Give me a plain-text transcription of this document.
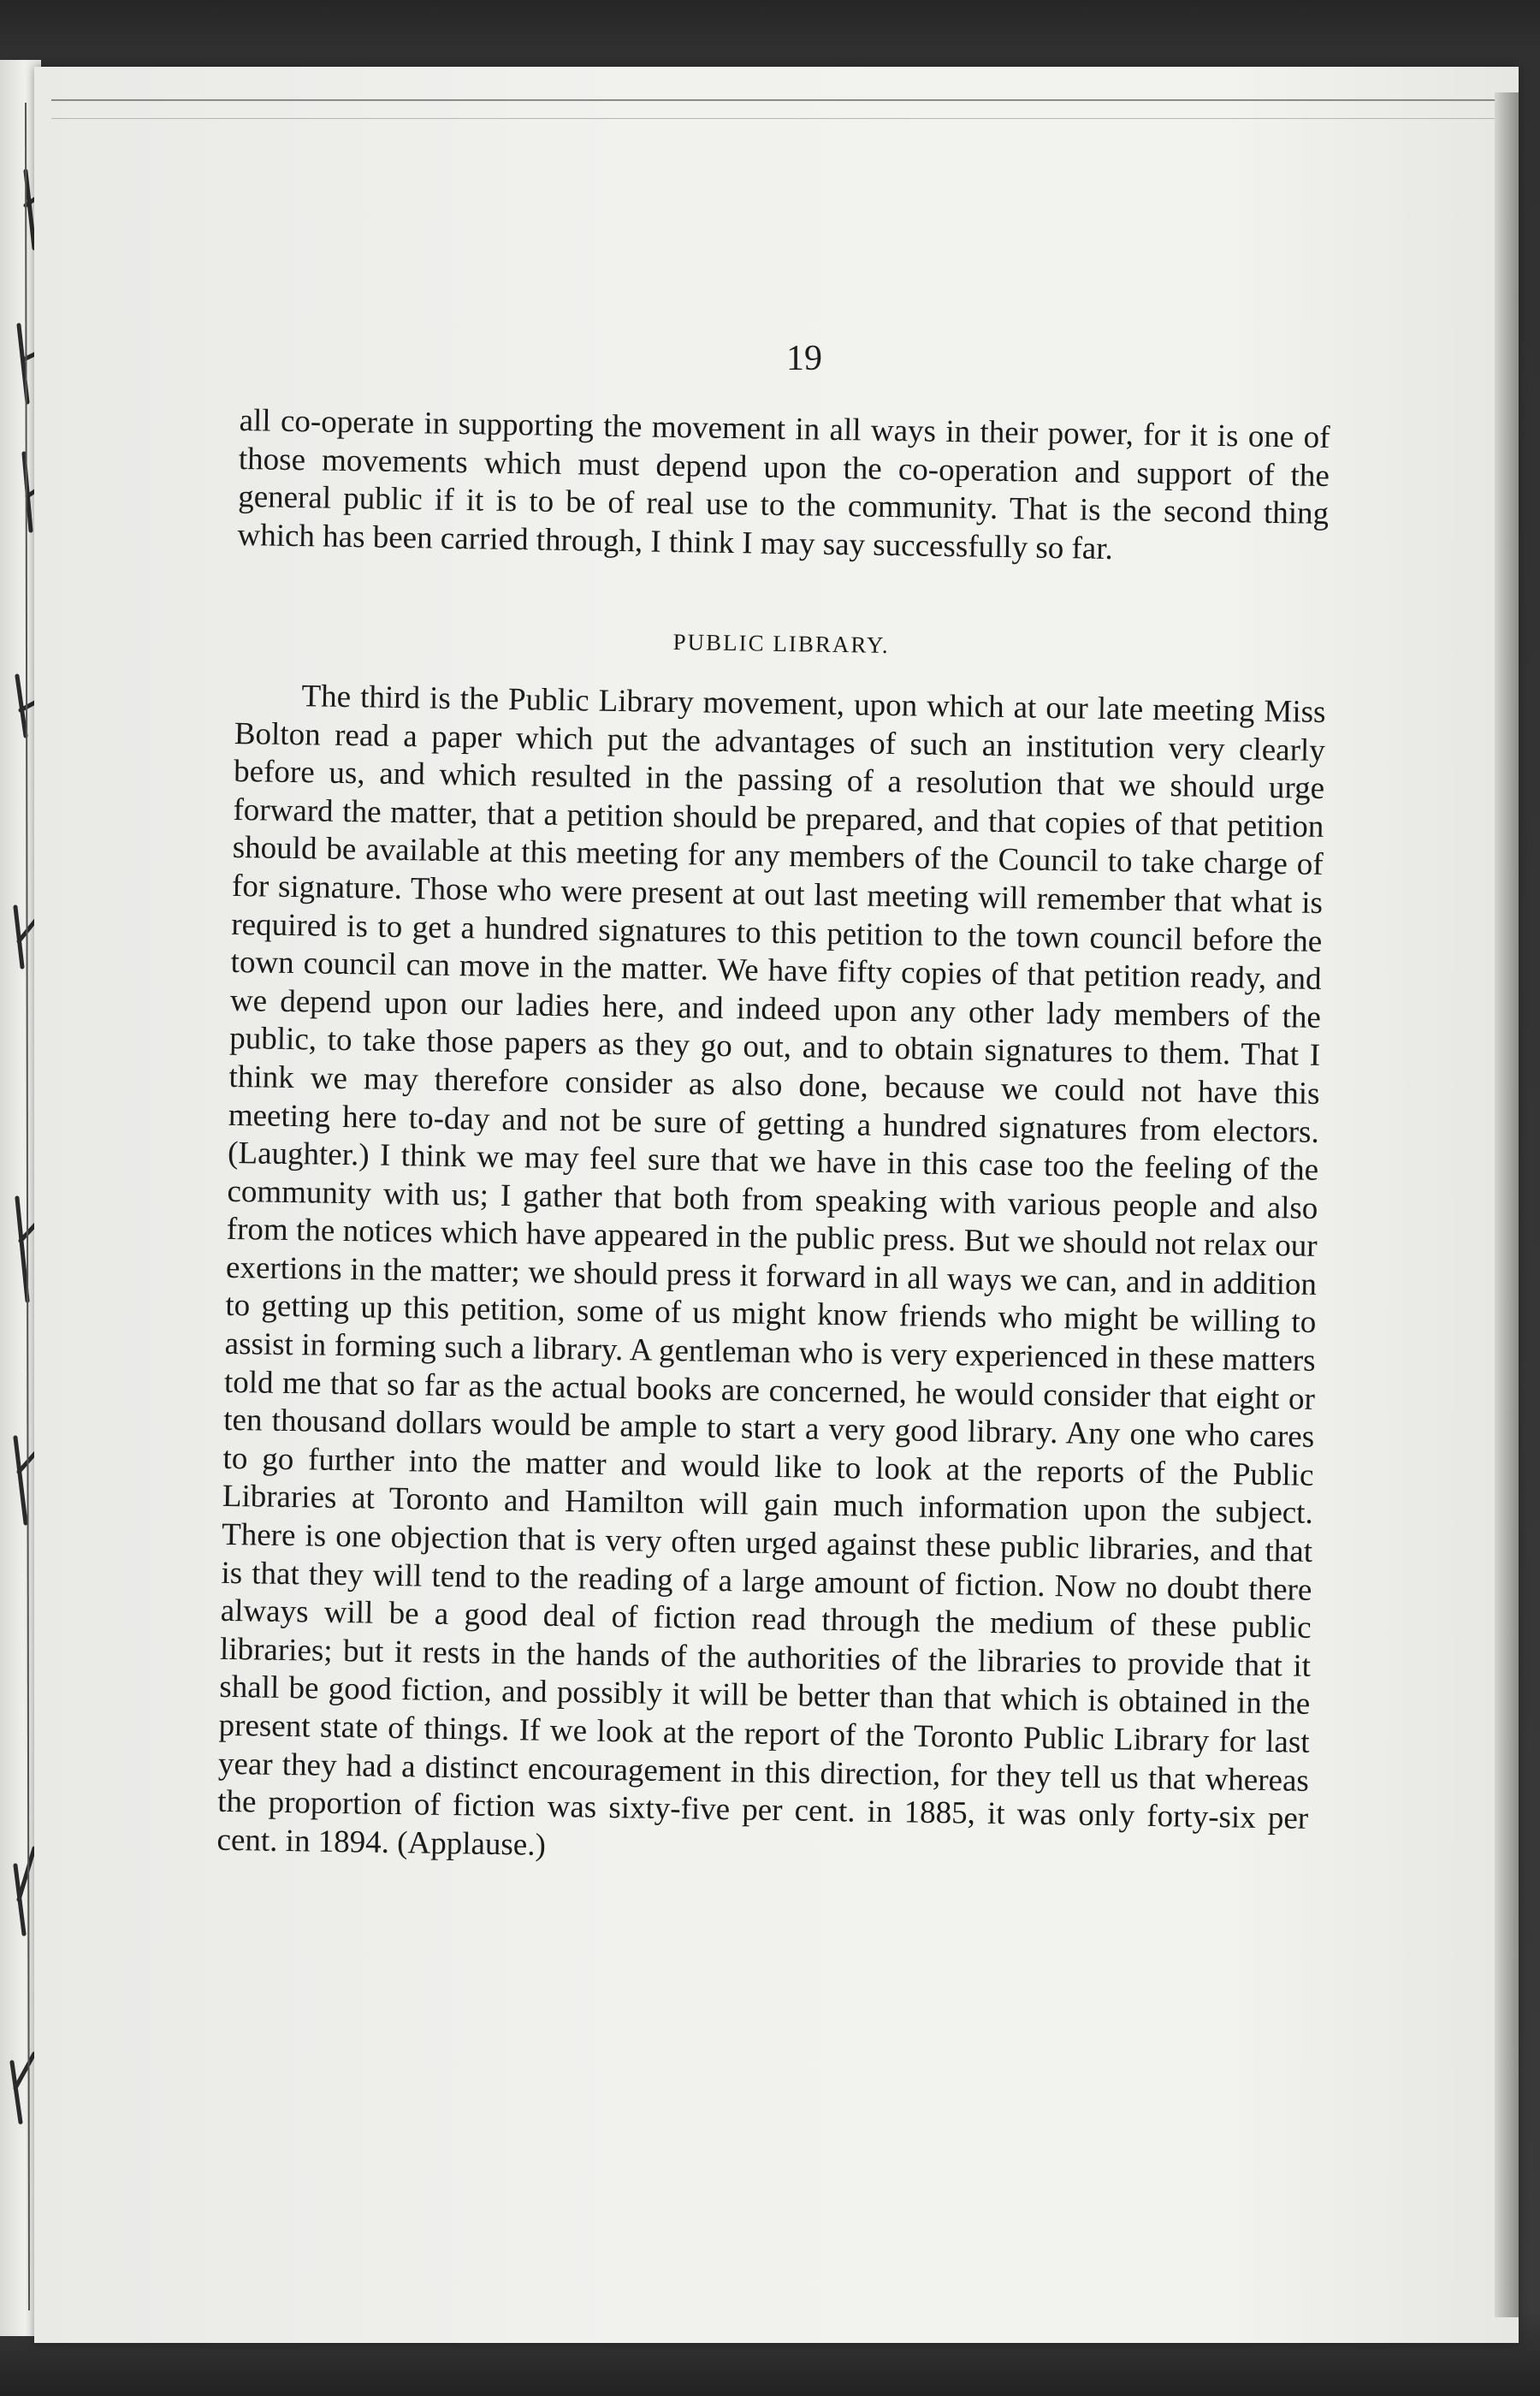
19

all co-operate in supporting the movement in all ways in their power, for it is one of those movements which must depend upon the co-operation and support of the general public if it is to be of real use to the community. That is the second thing which has been carried through, I think I may say successfully so far.

PUBLIC LIBRARY.

The third is the Public Library movement, upon which at our late meeting Miss Bolton read a paper which put the advantages of such an institution very clearly before us, and which resulted in the passing of a resolution that we should urge forward the matter, that a petition should be prepared, and that copies of that petition should be available at this meeting for any members of the Council to take charge of for signature. Those who were present at out last meeting will remember that what is required is to get a hundred signatures to this petition to the town council before the town council can move in the matter. We have fifty copies of that petition ready, and we depend upon our ladies here, and indeed upon any other lady members of the public, to take those papers as they go out, and to obtain signatures to them. That I think we may therefore consider as also done, because we could not have this meeting here to-day and not be sure of getting a hundred signatures from electors. (Laughter.) I think we may feel sure that we have in this case too the feeling of the community with us; I gather that both from speaking with various people and also from the notices which have appeared in the public press. But we should not relax our exertions in the matter; we should press it forward in all ways we can, and in addition to getting up this petition, some of us might know friends who might be willing to assist in forming such a library. A gentleman who is very experienced in these matters told me that so far as the actual books are concerned, he would consider that eight or ten thousand dollars would be ample to start a very good library. Any one who cares to go further into the matter and would like to look at the reports of the Public Libraries at Toronto and Hamilton will gain much information upon the subject. There is one objection that is very often urged against these public libraries, and that is that they will tend to the reading of a large amount of fiction. Now no doubt there always will be a good deal of fiction read through the medium of these public libraries; but it rests in the hands of the authorities of the libraries to provide that it shall be good fiction, and possibly it will be better than that which is obtained in the present state of things. If we look at the report of the Toronto Public Library for last year they had a distinct encouragement in this direction, for they tell us that whereas the proportion of fiction was sixty-five per cent. in 1885, it was only forty-six per cent. in 1894. (Applause.)
